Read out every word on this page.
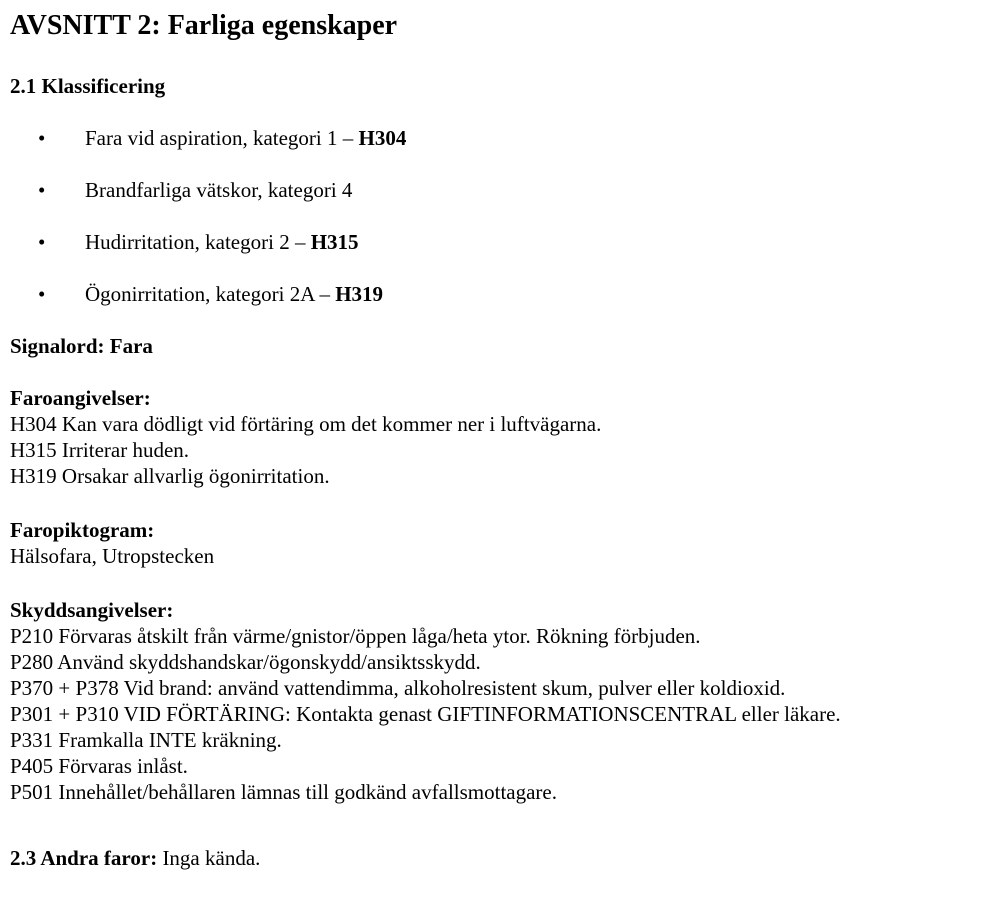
AVSNITT 2: Farliga egenskaper
2.1 Klassificering
• Fara vid aspiration, kategori 1 – H304
• Brandfarliga vätskor, kategori 4
• Hudirritation, kategori 2 – H315
• Ögonirritation, kategori 2A – H319

Signalord: Fara

Faroangivelser:

H304 Kan vara dödligt vid förtäring om det kommer ner i luftvägarna.

H315 Irriterar huden.

H319 Orsakar allvarlig ögonirritation.

Faropiktogram:

Hälsofara, Utropstecken

Skyddsangivelser:

P210 Förvaras åtskilt från värme/gnistor/öppen låga/heta ytor. Rökning förbjuden.

P280 Använd skyddshandskar/ögonskydd/ansiktsskydd.

P370 + P378 Vid brand: använd vattendimma, alkoholresistent skum, pulver eller koldioxid.

P301 + P310 VID FÖRTÄRING: Kontakta genast GIFTINFORMATIONSCENTRAL eller läkare.

P331 Framkalla INTE kräkning.

P405 Förvaras inlåst.

P501 Innehållet/behållaren lämnas till godkänd avfallsmottagare.

2.3 Andra faror: Inga kända.
